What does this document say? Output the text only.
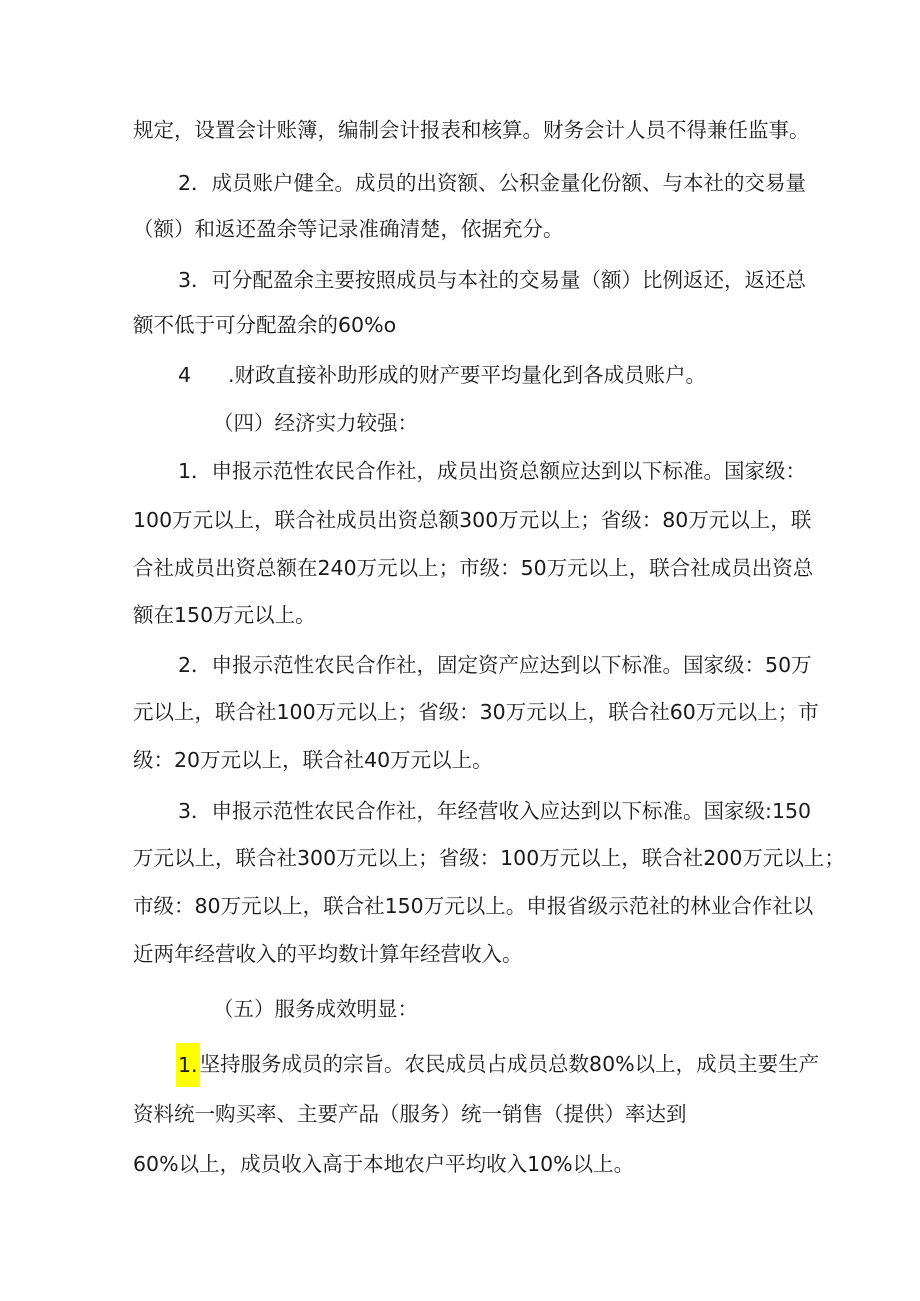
规定，设置会计账簿，编制会计报表和核算。财务会计人员不得兼任监事。
2．成员账户健全。成员的出资额、公积金量化份额、与本社的交易量
（额）和返还盈余等记录准确清楚，依据充分。
3．可分配盈余主要按照成员与本社的交易量（额）比例返还，返还总
额不低于可分配盈余的60%o
4 .财政直接补助形成的财产要平均量化到各成员账户。
（四）经济实力较强：
1．申报示范性农民合作社，成员出资总额应达到以下标准。国家级：
100万元以上，联合社成员出资总额300万元以上；省级：80万元以上，联
合社成员出资总额在240万元以上；市级：50万元以上，联合社成员出资总
额在150万元以上。
2．申报示范性农民合作社，固定资产应达到以下标准。国家级：50万
元以上，联合社100万元以上；省级：30万元以上，联合社60万元以上；市
级：20万元以上，联合社40万元以上。
3．申报示范性农民合作社，年经营收入应达到以下标准。国家级:150
万元以上，联合社300万元以上；省级：100万元以上，联合社200万元以上；
市级：80万元以上，联合社150万元以上。申报省级示范社的林业合作社以
近两年经营收入的平均数计算年经营收入。
（五）服务成效明显：
1.坚持服务成员的宗旨。农民成员占成员总数80%以上，成员主要生产
资料统一购买率、主要产品（服务）统一销售（提供）率达到
60%以上，成员收入高于本地农户平均收入10%以上。
